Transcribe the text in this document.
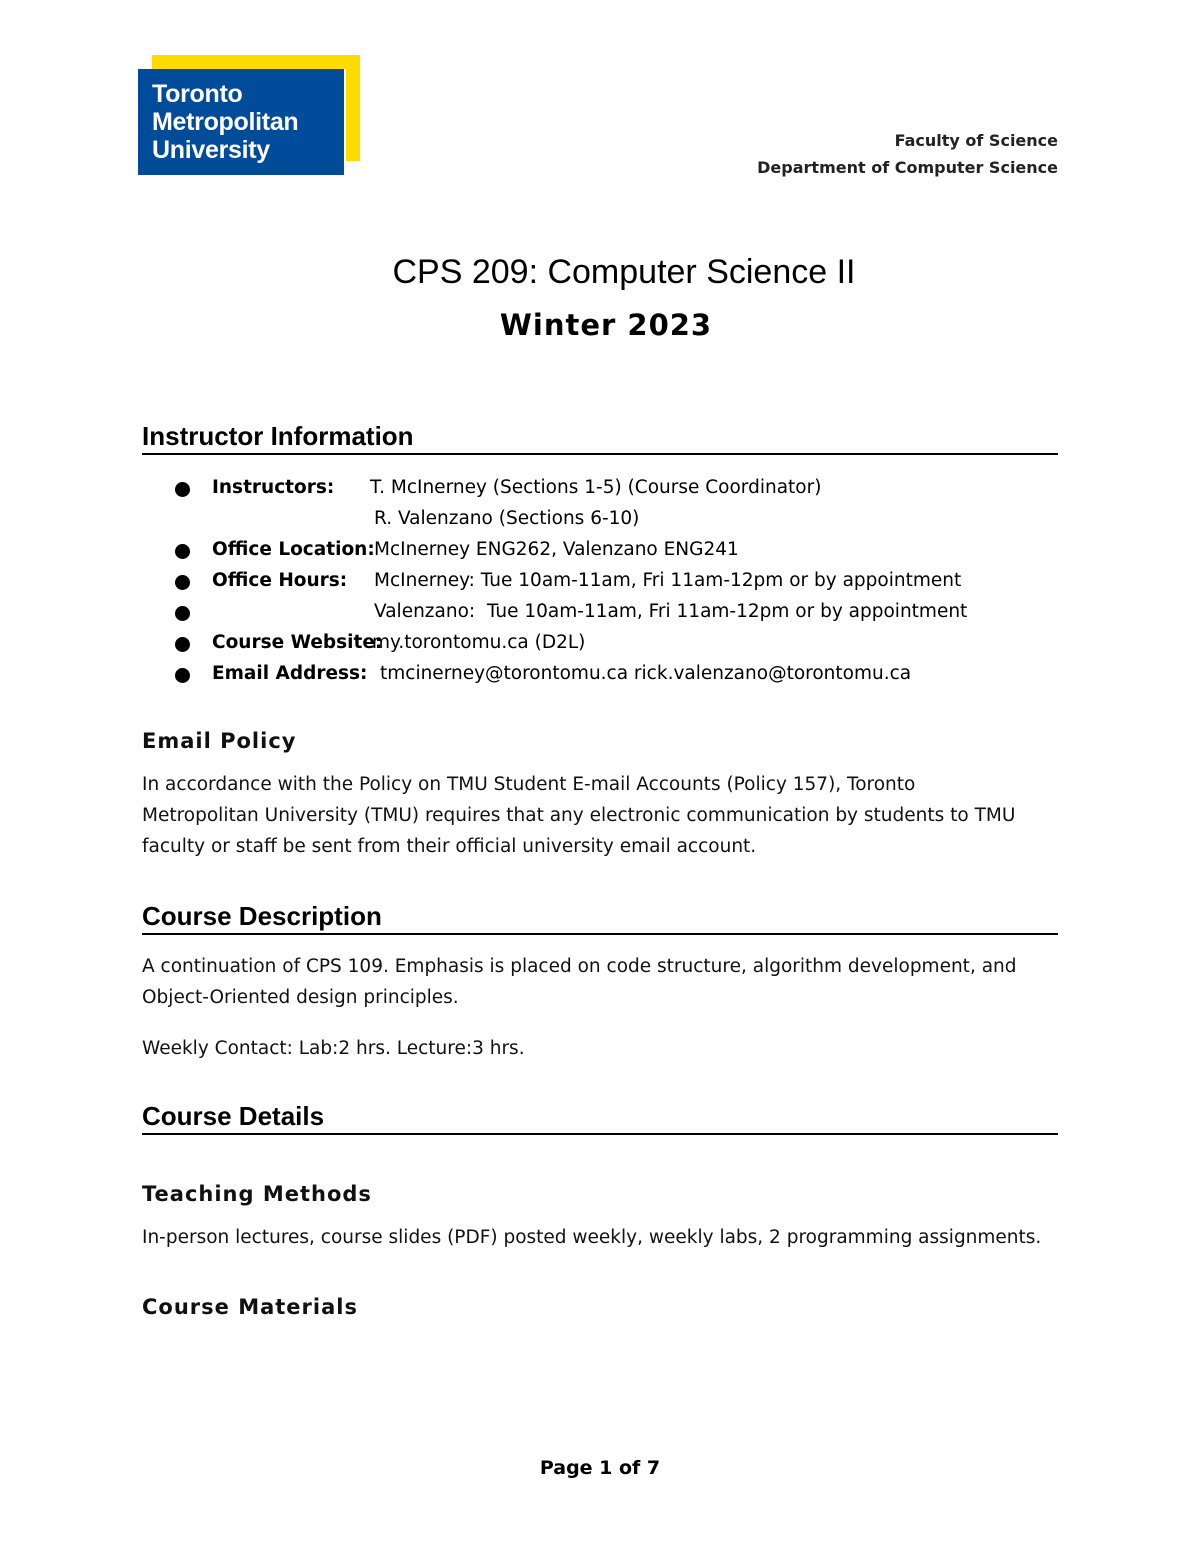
Toronto
Metropolitan
University	Faculty of Science
Department of Computer Science
CPS 209: Computer Science II
Winter 2023
Instructor Information
Instructors: T. McInerney (Sections 1-5) (Course Coordinator)
R. Valenzano (Sections 6-10)
Office Location: McInerney ENG262, Valenzano ENG241
Office Hours: McInerney: Tue 10am-11am, Fri 11am-12pm or by appointment
Valenzano:  Tue 10am-11am, Fri 11am-12pm or by appointment
Course Website:
my.torontomu.ca (D2L)
Email Address: tmcinerney@torontomu.ca rick.valenzano@torontomu.ca
Email Policy
In accordance with the Policy on TMU Student E-mail Accounts (Policy 157), Toronto
Metropolitan University (TMU) requires that any electronic communication by students to TMU
faculty or staff be sent from their official university email account.
Course Description
A continuation of CPS 109. Emphasis is placed on code structure, algorithm development, and
Object-Oriented design principles.
Weekly Contact: Lab:2 hrs. Lecture:3 hrs.
Course Details
Teaching Methods
In-person lectures, course slides (PDF) posted weekly, weekly labs, 2 programming assignments.
Course Materials
Page 1 of 7
